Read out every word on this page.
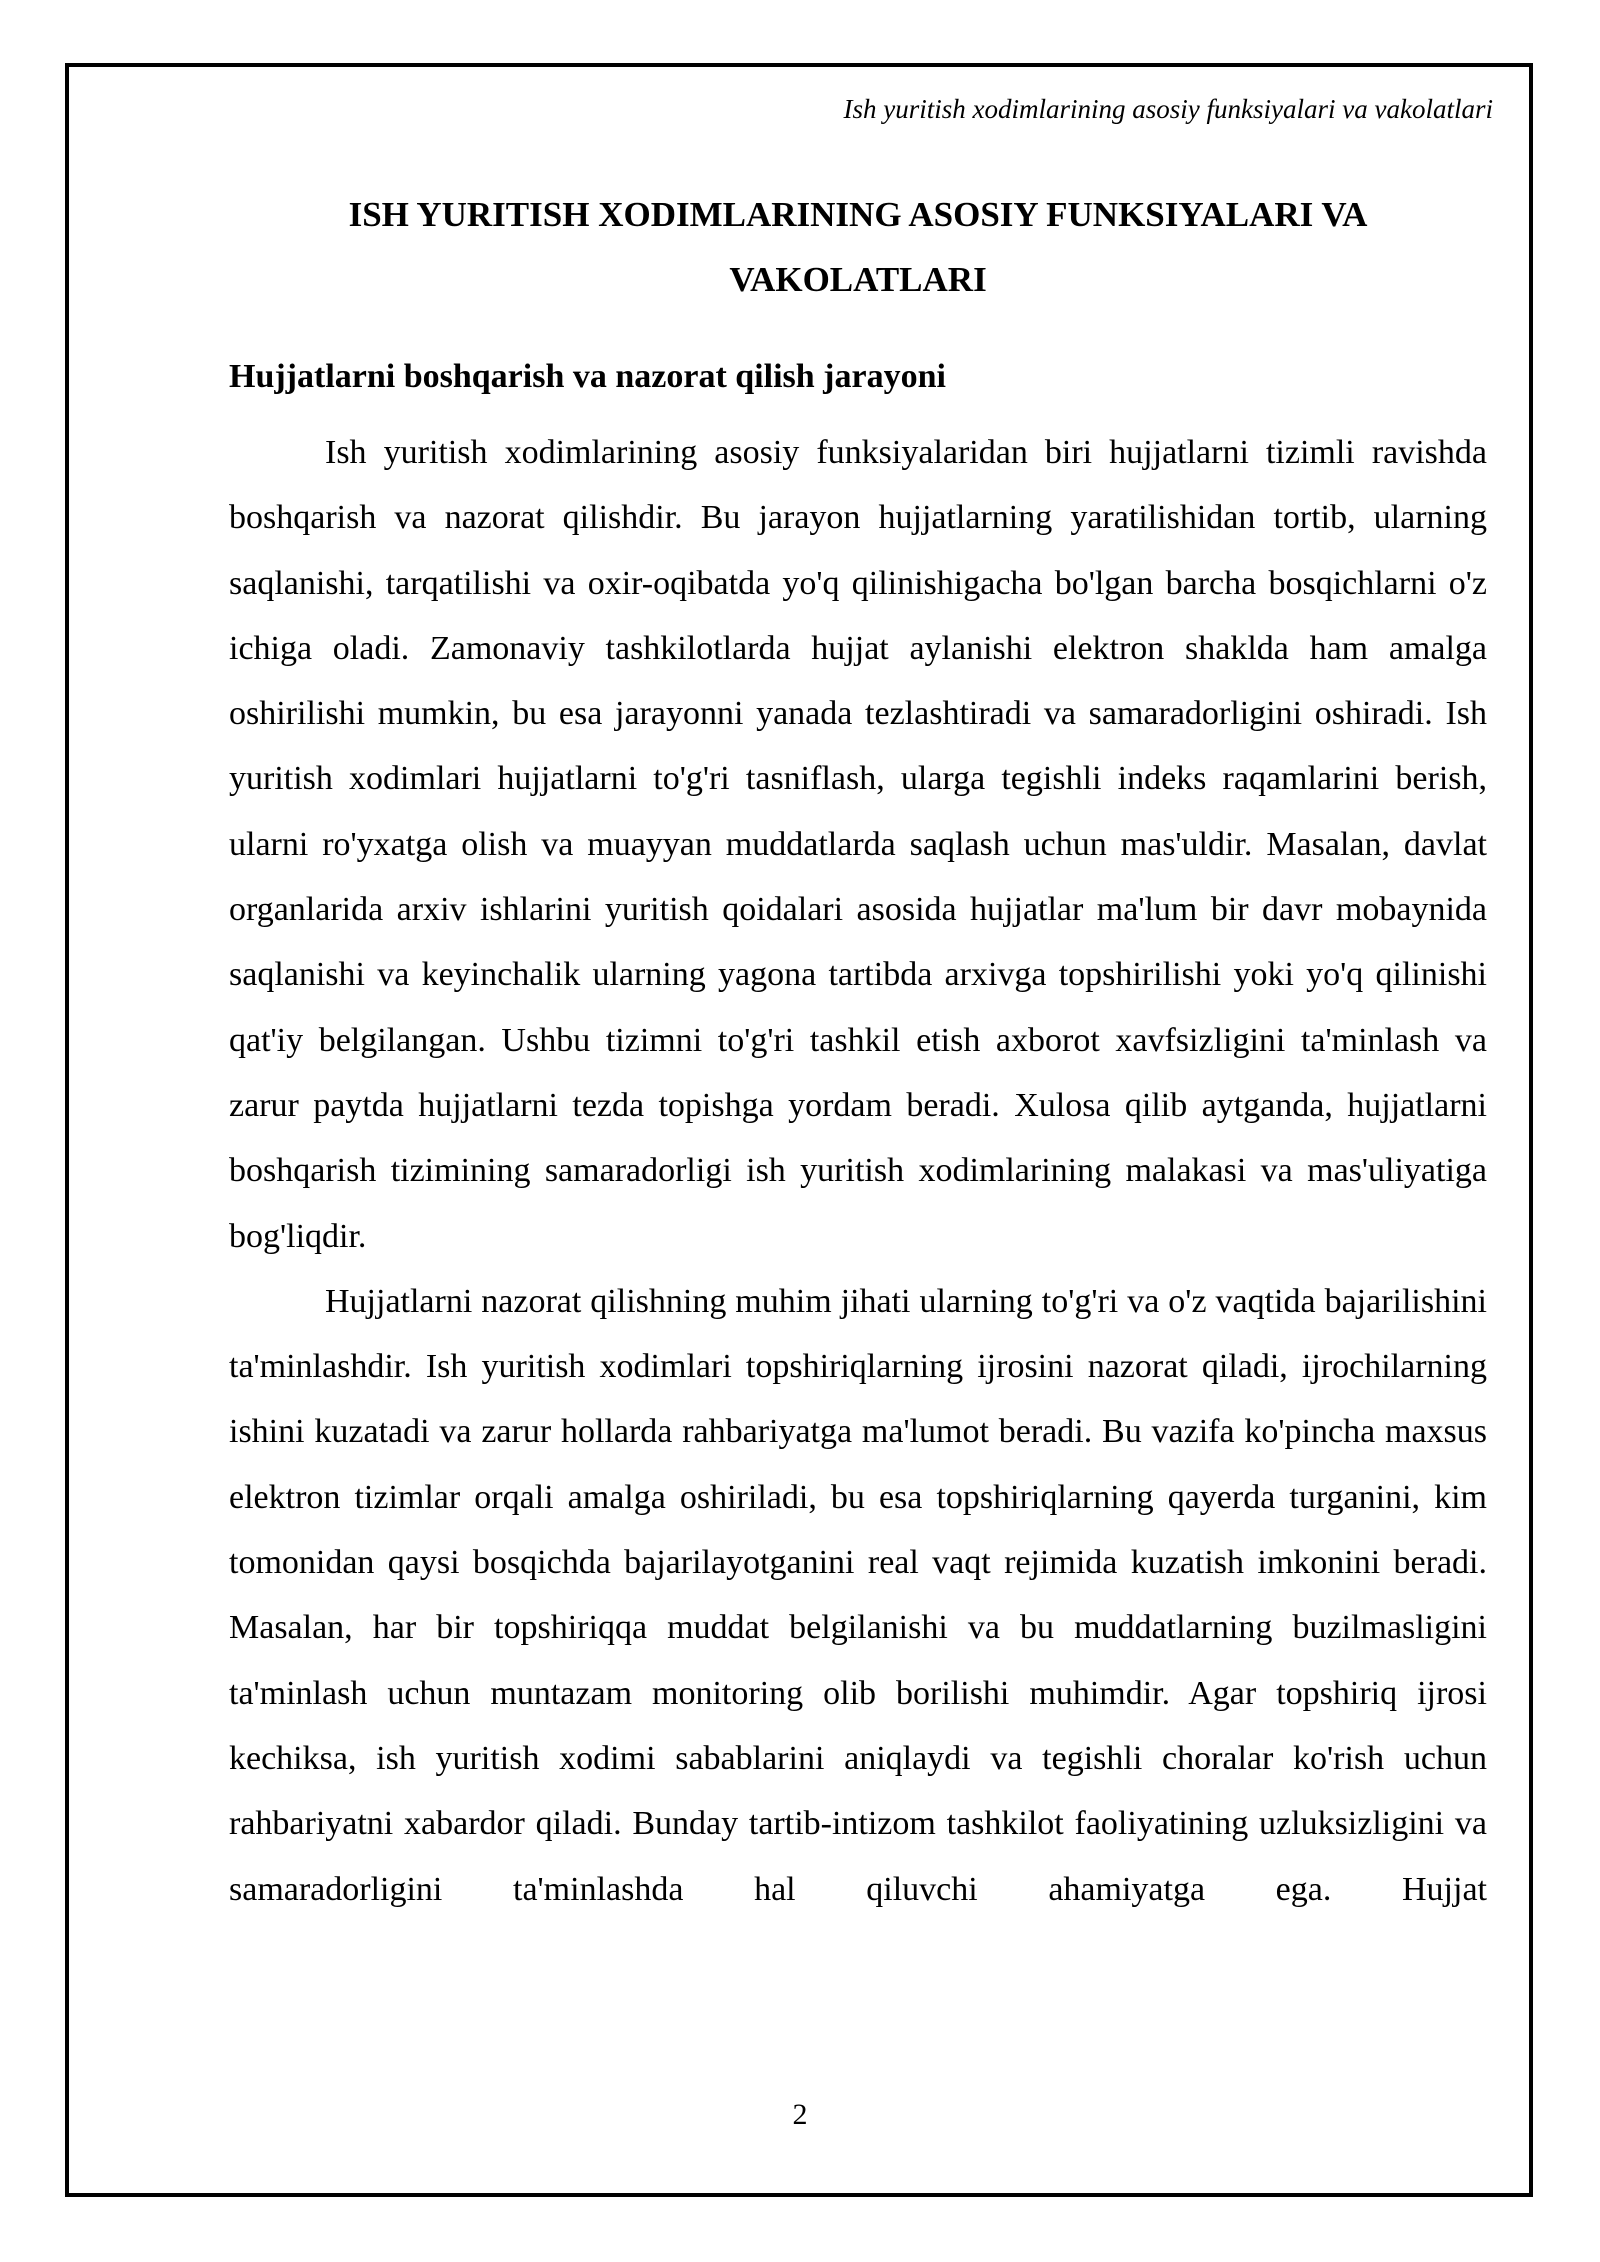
Ish yuritish xodimlarining asosiy funksiyalari va vakolatlari

ISH YURITISH XODIMLARINING ASOSIY FUNKSIYALARI VA
VAKOLATLARI
Hujjatlarni boshqarish va nazorat qilish jarayoni

Ish yuritish xodimlarining asosiy funksiyalaridan biri hujjatlarni tizimli ravishda boshqarish va nazorat qilishdir. Bu jarayon hujjatlarning yaratilishidan tortib, ularning saqlanishi, tarqatilishi va oxir-oqibatda yo'q qilinishigacha bo'lgan barcha bosqichlarni o'z ichiga oladi. Zamonaviy tashkilotlarda hujjat aylanishi elektron shaklda ham amalga oshirilishi mumkin, bu esa jarayonni yanada tezlashtiradi va samaradorligini oshiradi. Ish yuritish xodimlari hujjatlarni to'g'ri tasniflash, ularga tegishli indeks raqamlarini berish, ularni ro'yxatga olish va muayyan muddatlarda saqlash uchun mas'uldir. Masalan, davlat organlarida arxiv ishlarini yuritish qoidalari asosida hujjatlar ma'lum bir davr mobaynida saqlanishi va keyinchalik ularning yagona tartibda arxivga topshirilishi yoki yo'q qilinishi qat'iy belgilangan. Ushbu tizimni to'g'ri tashkil etish axborot xavfsizligini ta'minlash va zarur paytda hujjatlarni tezda topishga yordam beradi. Xulosa qilib aytganda, hujjatlarni boshqarish tizimining samaradorligi ish yuritish xodimlarining malakasi va mas'uliyatiga bog'liqdir.

Hujjatlarni nazorat qilishning muhim jihati ularning to'g'ri va o'z vaqtida bajarilishini ta'minlashdir. Ish yuritish xodimlari topshiriqlarning ijrosini nazorat qiladi, ijrochilarning ishini kuzatadi va zarur hollarda rahbariyatga ma'lumot beradi. Bu vazifa ko'pincha maxsus elektron tizimlar orqali amalga oshiriladi, bu esa topshiriqlarning qayerda turganini, kim tomonidan qaysi bosqichda bajarilayotganini real vaqt rejimida kuzatish imkonini beradi. Masalan, har bir topshiriqqa muddat belgilanishi va bu muddatlarning buzilmasligini ta'minlash uchun muntazam monitoring olib borilishi muhimdir. Agar topshiriq ijrosi kechiksa, ish yuritish xodimi sabablarini aniqlaydi va tegishli choralar ko'rish uchun rahbariyatni xabardor qiladi. Bunday tartib-intizom tashkilot faoliyatining uzluksizligini va samaradorligini ta'minlashda hal qiluvchi ahamiyatga ega. Hujjat

2
